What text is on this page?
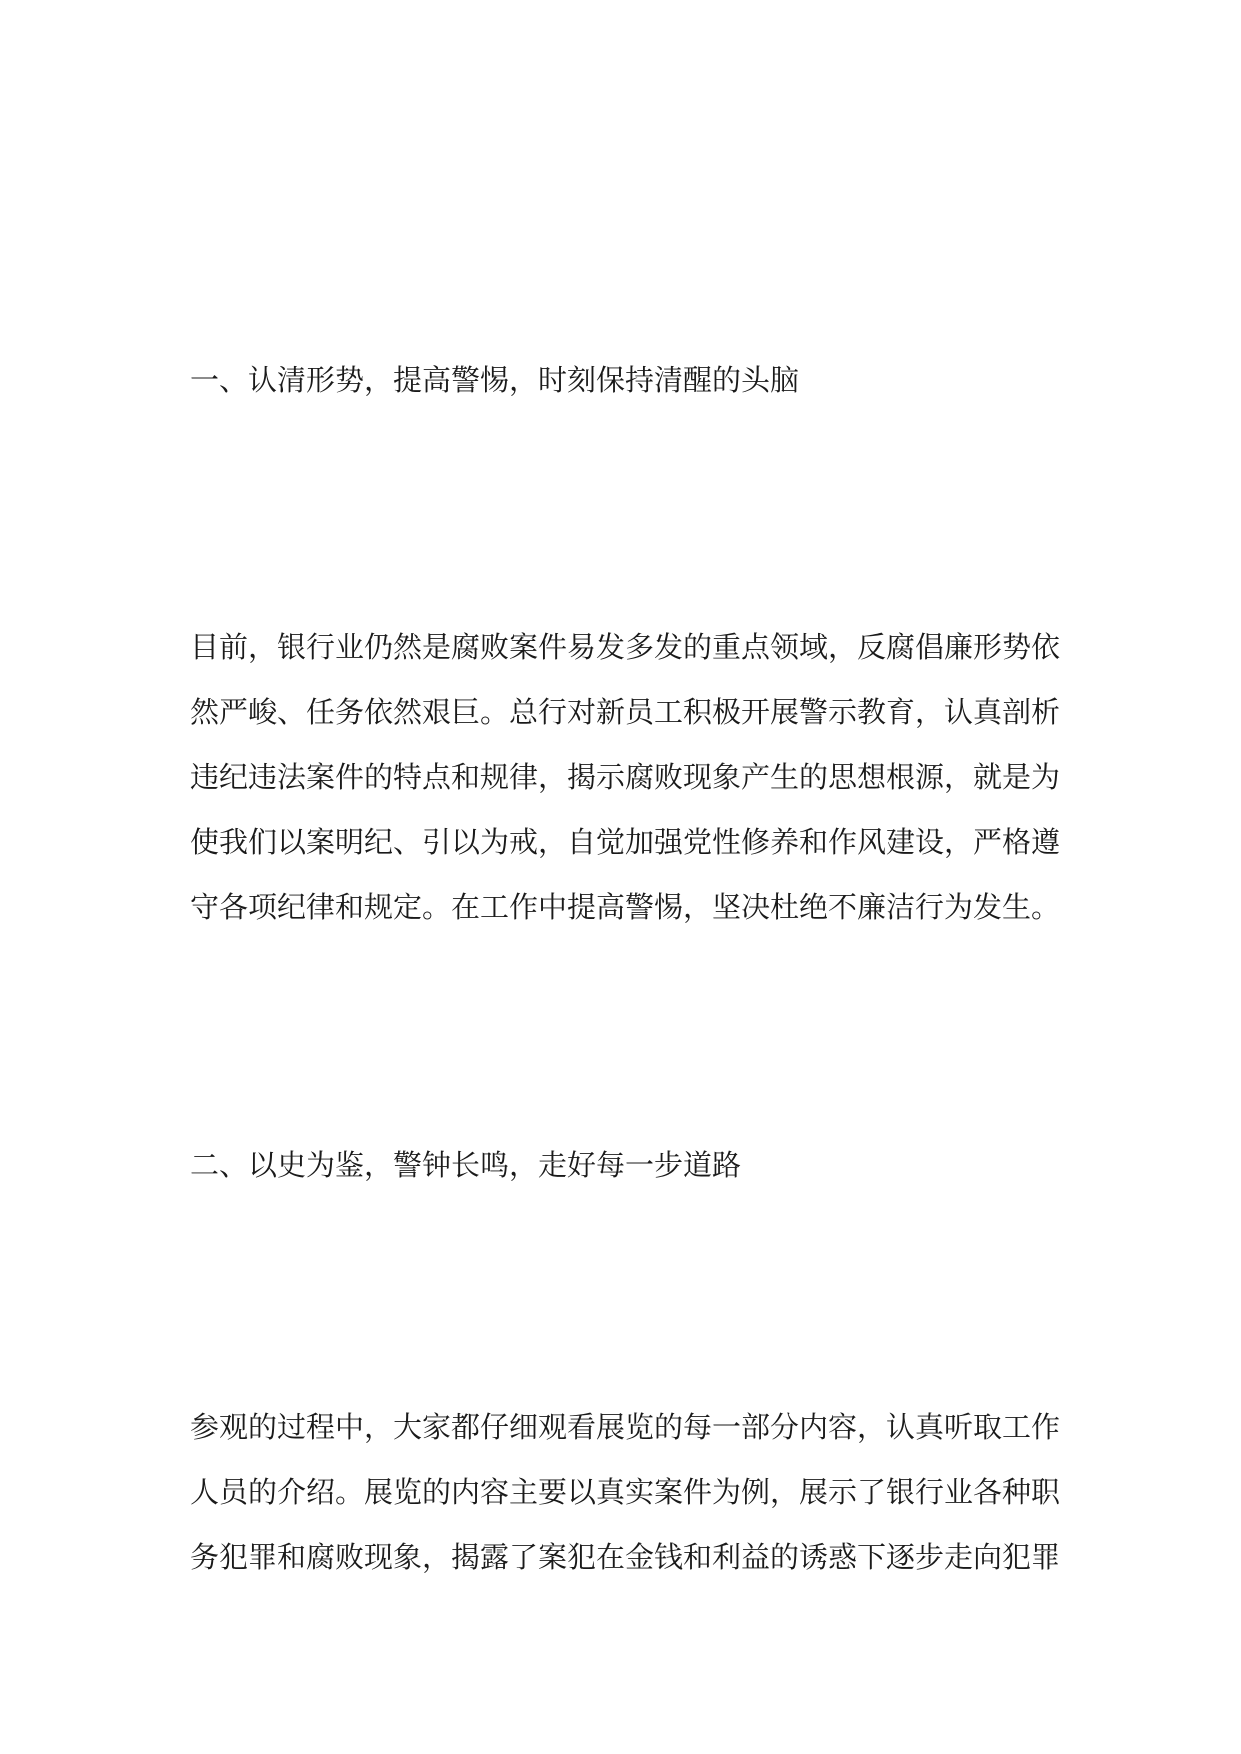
一、认清形势，提高警惕，时刻保持清醒的头脑
目前，银行业仍然是腐败案件易发多发的重点领域，反腐倡廉形势依
然严峻、任务依然艰巨。总行对新员工积极开展警示教育，认真剖析
违纪违法案件的特点和规律，揭示腐败现象产生的思想根源，就是为
使我们以案明纪、引以为戒，自觉加强党性修养和作风建设，严格遵
守各项纪律和规定。在工作中提高警惕，坚决杜绝不廉洁行为发生。
二、以史为鉴，警钟长鸣，走好每一步道路
参观的过程中，大家都仔细观看展览的每一部分内容，认真听取工作
人员的介绍。展览的内容主要以真实案件为例，展示了银行业各种职
务犯罪和腐败现象，揭露了案犯在金钱和利益的诱惑下逐步走向犯罪
